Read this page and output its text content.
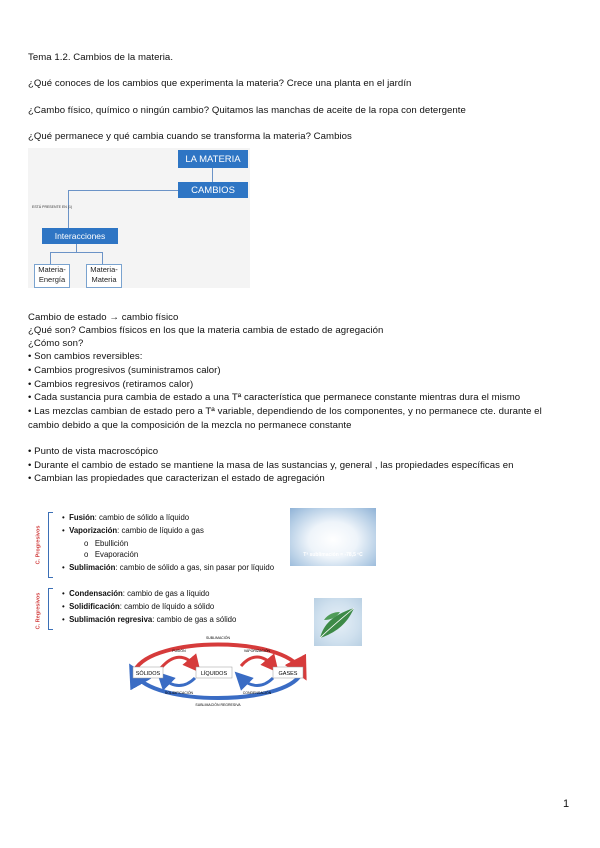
Tema 1.2. Cambios de la materia.
¿Qué conoces de los cambios que experimenta la materia? Crece una planta en el jardín
¿Cambo físico, químico o ningún cambio? Quitamos las manchas de aceite de la ropa con detergente
¿Qué permanece y qué cambia cuando se transforma la materia? Cambios
LA MATERIA
CAMBIOS
ESTÁ PRESENTE EN (1)
Interacciones
Materia-
Energía
Materia-
Materia
Cambio de estado → cambio físico
¿Qué son? Cambios físicos en los que la materia cambia de estado de agregación
¿Cómo son?
• Son cambios reversibles:
• Cambios progresivos (suministramos calor)
• Cambios regresivos (retiramos calor)
• Cada sustancia pura cambia de estado a una Tª característica que permanece constante mientras dura el mismo
• Las mezclas cambian de estado pero a Tª variable, dependiendo de los componentes, y no permanece cte. durante el
cambio debido a que la composición de la mezcla no permanece constante
• Punto de vista macroscópico
• Durante el cambio de estado se mantiene la masa de las sustancias y, general , las propiedades específicas en
• Cambian las propiedades que caracterizan el estado de agregación
C. Progresivos
•  Fusión: cambio de sólido a líquido
•  Vaporización: cambio de líquido a gas
o   Ebullición
o   Evaporación
•  Sublimación: cambio de sólido a gas, sin pasar por líquido
Tª sublimación = -78,5 ºC
C. Regresivos	•  Condensación: cambio de gas a líquido
•  Solidificación: cambio de líquido a sólido
•  Sublimación regresiva: cambio de gas a sólido
SÓLIDOS	LÍQUIDOS	GASES
SUBLIMACIÓN
FUSIÓN	VAPORIZACIÓN
SOLIDIFICACIÓN	CONDENSACIÓN
SUBLIMACIÓN REGRESIVA
1
